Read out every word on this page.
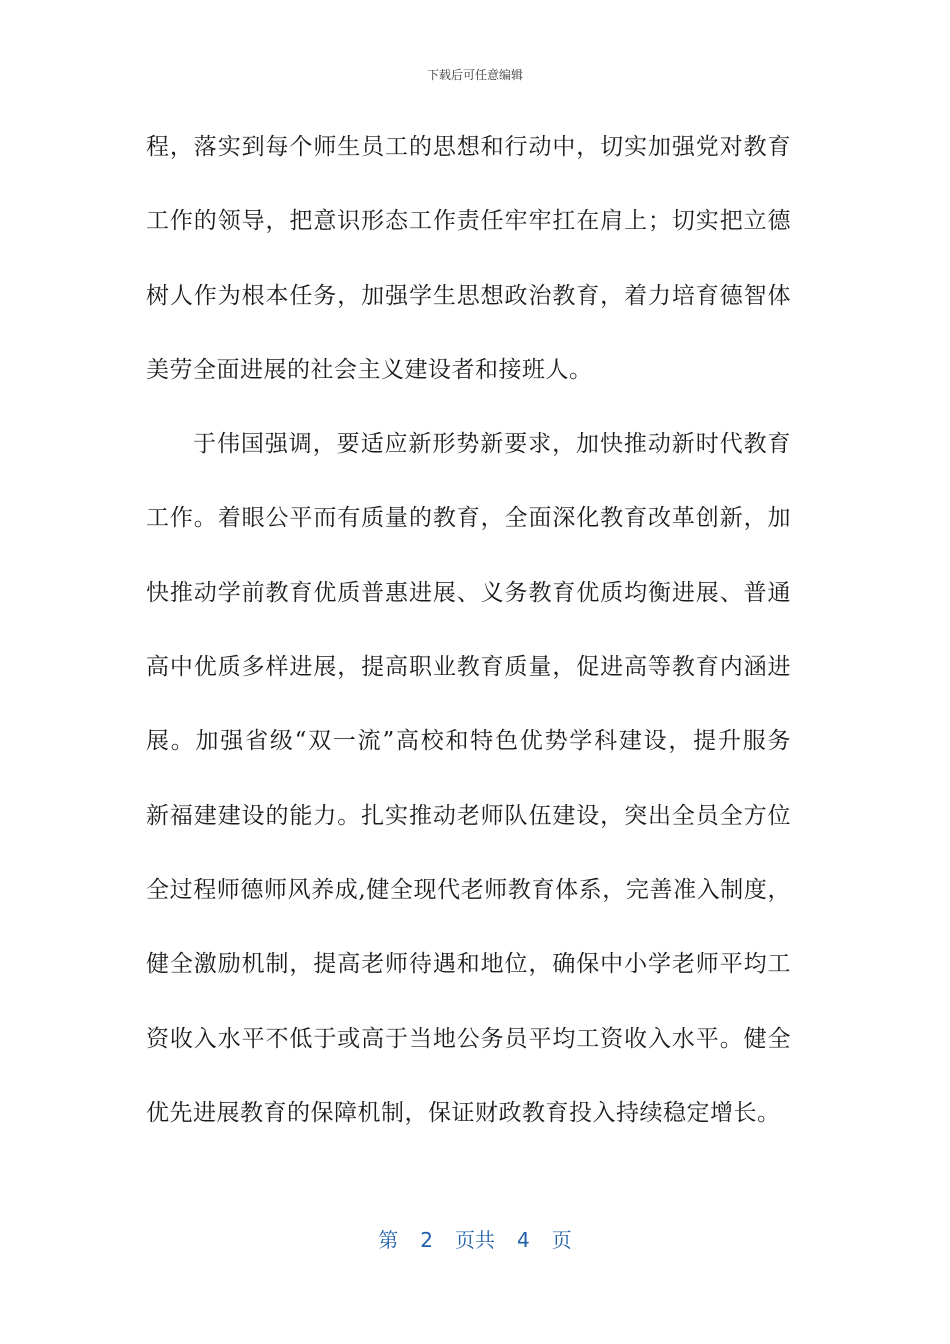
下载后可任意编辑
程，落实到每个师生员工的思想和行动中，切实加强党对教育
工作的领导，把意识形态工作责任牢牢扛在肩上；切实把立德
树人作为根本任务，加强学生思想政治教育，着力培育德智体
美劳全面进展的社会主义建设者和接班人。
于伟国强调，要适应新形势新要求，加快推动新时代教育
工作。着眼公平而有质量的教育，全面深化教育改革创新，加
快推动学前教育优质普惠进展、义务教育优质均衡进展、普通
高中优质多样进展，提高职业教育质量，促进高等教育内涵进
展。加强省级“双一流”高校和特色优势学科建设，提升服务
新福建建设的能力。扎实推动老师队伍建设，突出全员全方位
全过程师德师风养成,健全现代老师教育体系，完善准入制度，
健全激励机制，提高老师待遇和地位，确保中小学老师平均工
资收入水平不低于或高于当地公务员平均工资收入水平。健全
优先进展教育的保障机制，保证财政教育投入持续稳定增长。
第 2 页共 4 页
